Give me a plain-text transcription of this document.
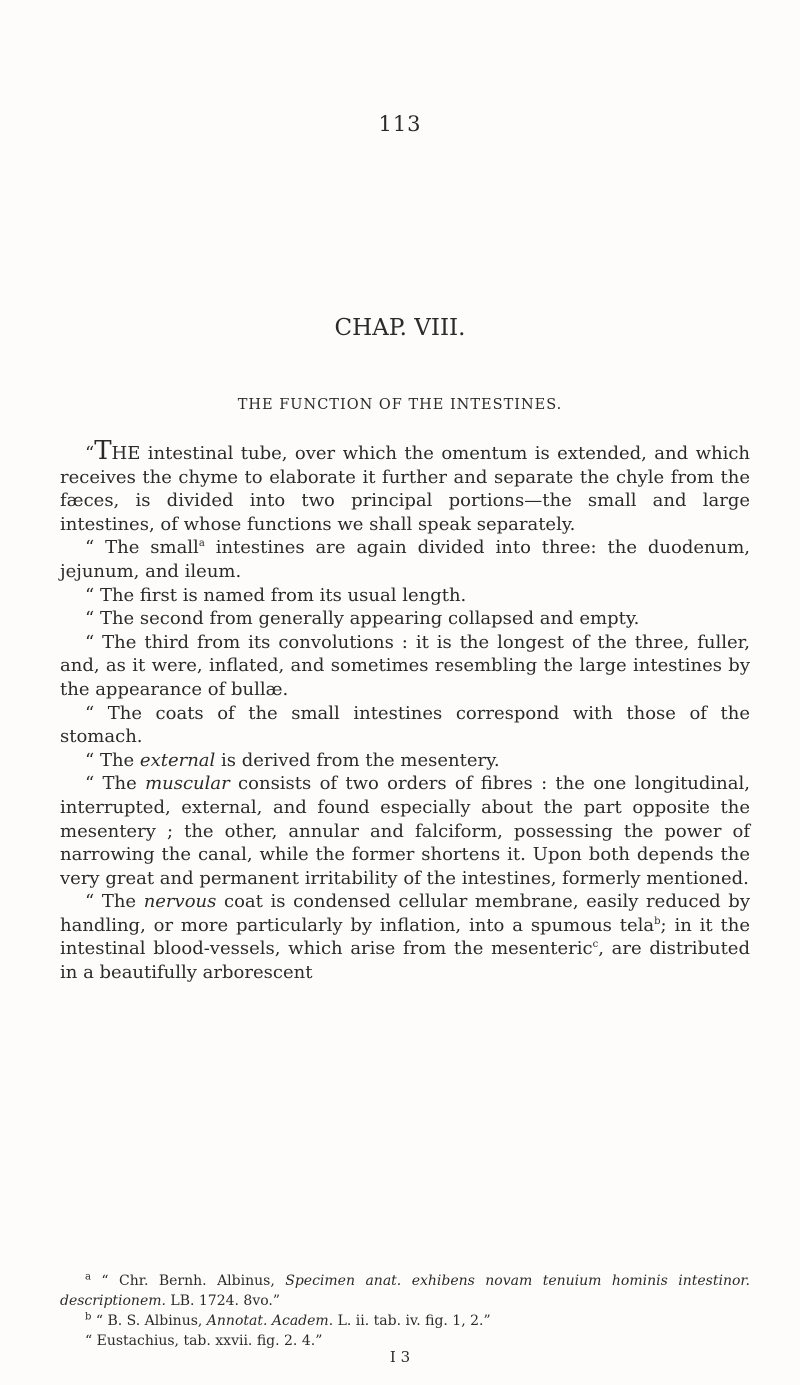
113
CHAP. VIII.
THE FUNCTION OF THE INTESTINES.

“THE intestinal tube, over which the omentum is extended, and which receives the chyme to elaborate it further and separate the chyle from the fæces, is divided into two principal portions—the small and large intestines, of whose functions we shall speak separately.

“ The small$^a$ intestines are again divided into three: the duodenum, jejunum, and ileum.

“ The first is named from its usual length.

“ The second from generally appearing collapsed and empty.

“ The third from its convolutions : it is the longest of the three, fuller, and, as it were, inflated, and sometimes resembling the large intestines by the appearance of bullæ.

“ The coats of the small intestines correspond with those of the stomach.

“ The external is derived from the mesentery.

“ The muscular consists of two orders of fibres : the one longitudinal, interrupted, external, and found especially about the part opposite the mesentery ; the other, annular and falciform, possessing the power of narrowing the canal, while the former shortens it. Upon both depends the very great and permanent irritability of the intestines, formerly mentioned.

“ The nervous coat is condensed cellular membrane, easily reduced by handling, or more particularly by inflation, into a spumous tela$^b$; in it the intestinal blood-vessels, which arise from the mesenteric$^c$, are distributed in a beautifully arborescent

$^a$ “ Chr. Bernh. Albinus, Specimen anat. exhibens novam tenuium hominis intestinor. descriptionem. LB. 1724. 8vo.”

$^b$ “ B. S. Albinus, Annotat. Academ. L. ii. tab. iv. fig. 1, 2.”

“ Eustachius, tab. xxvii. fig. 2. 4.”

I 3
